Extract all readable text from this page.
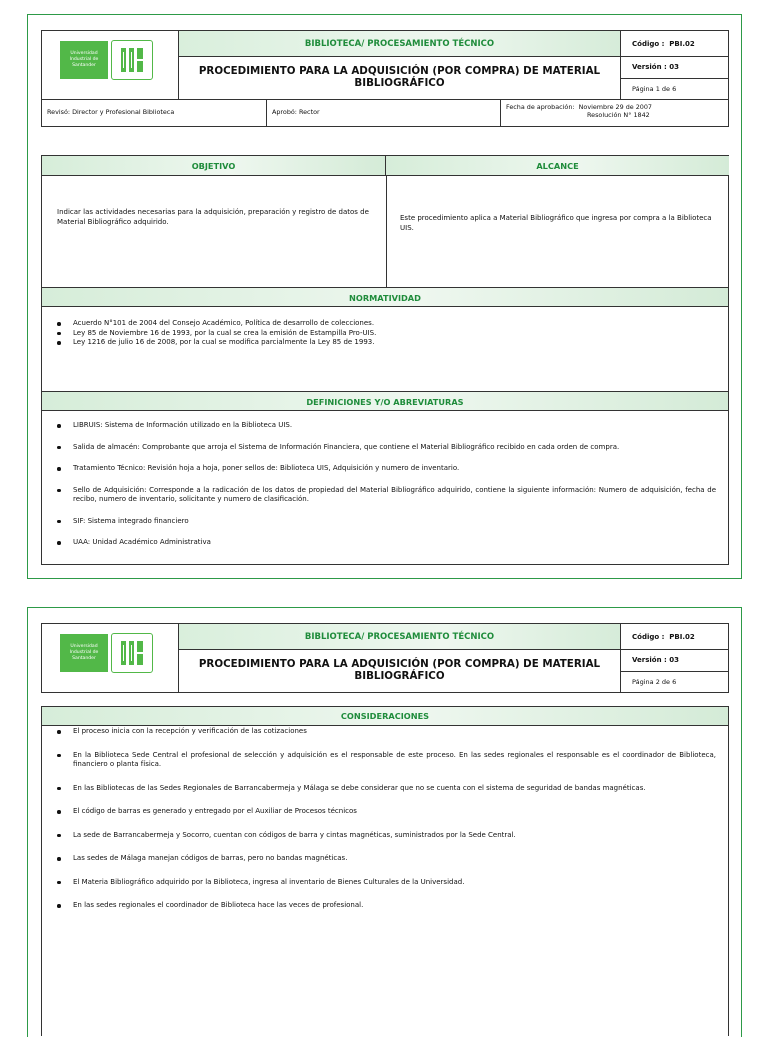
Universidad Industrial de Santander
BIBLIOTECA/ PROCESAMIENTO TÉCNICO
PROCEDIMIENTO PARA LA ADQUISICIÓN (POR COMPRA) DE MATERIAL BIBLIOGRÁFICO
Código : PBI.02
Versión : 03
Página 1 de 6
Revisó: Director y Profesional Biblioteca	Aprobó: Rector
Fecha de aprobación: Noviembre 29 de 2007
Resolución N° 1842
OBJETIVO	ALCANCE
Indicar las actividades necesarias para la adquisición, preparación y registro de datos de Material Bibliográfico adquirido.	Este procedimiento aplica a Material Bibliográfico que ingresa por compra a la Biblioteca UIS.
NORMATIVIDAD
Acuerdo N°101 de 2004 del Consejo Académico, Política de desarrollo de colecciones.
Ley 85 de Noviembre 16 de 1993, por la cual se crea la emisión de Estampilla Pro-UIS.
Ley 1216 de julio 16 de 2008, por la cual se modifica parcialmente la Ley 85 de 1993.
DEFINICIONES Y/O ABREVIATURAS
LIBRUIS: Sistema de Información utilizado en la Biblioteca UIS.
Salida de almacén: Comprobante que arroja el Sistema de Información Financiera, que contiene el Material Bibliográfico recibido en cada orden de compra.
Tratamiento Técnico: Revisión hoja a hoja, poner sellos de: Biblioteca UIS, Adquisición y numero de inventario.
Sello de Adquisición: Corresponde a la radicación de los datos de propiedad del Material Bibliográfico adquirido, contiene la siguiente información: Numero de adquisición, fecha de recibo, numero de inventario, solicitante y numero de clasificación.
SIF: Sistema integrado financiero
UAA: Unidad Académico Administrativa
Universidad Industrial de Santander
BIBLIOTECA/ PROCESAMIENTO TÉCNICO
PROCEDIMIENTO PARA LA ADQUISICIÓN (POR COMPRA) DE MATERIAL BIBLIOGRÁFICO
Código : PBI.02
Versión : 03
Página 2 de 6
CONSIDERACIONES
El proceso inicia con la recepción y verificación de las cotizaciones
En la Biblioteca Sede Central el profesional de selección y adquisición es el responsable de este proceso. En las sedes regionales el responsable es el coordinador de Biblioteca, financiero o planta física.
En las Bibliotecas de las Sedes Regionales de Barrancabermeja y Málaga se debe considerar que no se cuenta con el sistema de seguridad de bandas magnéticas.
El código de barras es generado y entregado por el Auxiliar de Procesos técnicos
La sede de Barrancabermeja y Socorro, cuentan con códigos de barra y cintas magnéticas, suministrados por la Sede Central.
Las sedes de Málaga manejan códigos de barras, pero no bandas magnéticas.
El Materia Bibliográfico adquirido por la Biblioteca, ingresa al inventario de Bienes Culturales de la Universidad.
En las sedes regionales el coordinador de Biblioteca hace las veces de profesional.
